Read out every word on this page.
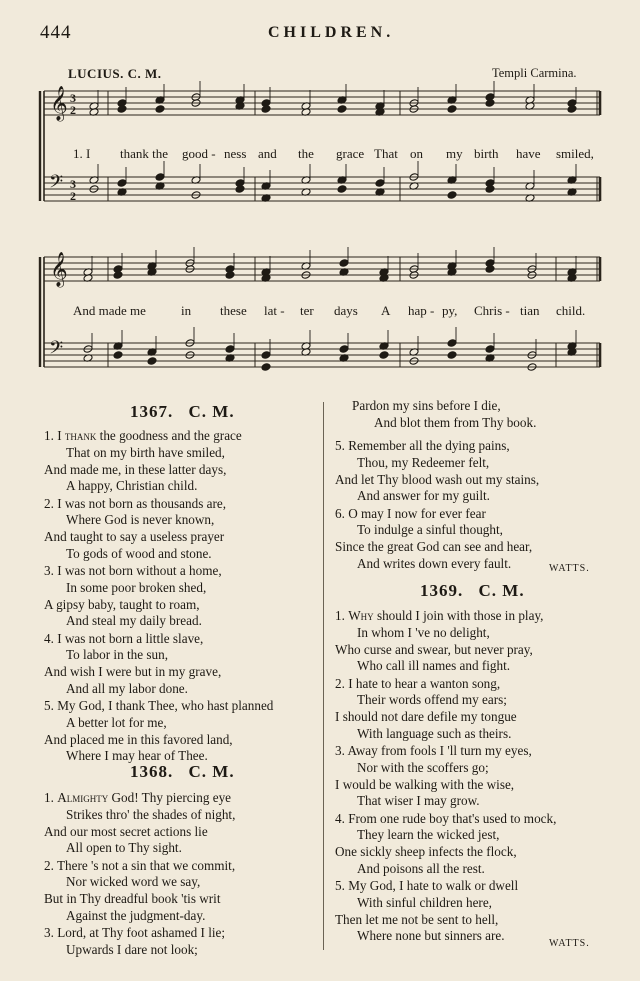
444	CHILDREN.
LUCIUS. C. M.	Templi Carmina.
𝄞 3
2
𝄢 3
2
𝄞
𝄢
1. I thank the good - ness and the grace That on my birth have smiled,
And made me	in these lat - ter days A hap - py, Chris - tian child.
1367. C. M.
1. I thank the goodness and the grace
That on my birth have smiled,
And made me, in these latter days,
A happy, Christian child.
2. I was not born as thousands are,
Where God is never known,
And taught to say a useless prayer
To gods of wood and stone.
3. I was not born without a home,
In some poor broken shed,
A gipsy baby, taught to roam,
And steal my daily bread.
4. I was not born a little slave,
To labor in the sun,
And wish I were but in my grave,
And all my labor done.
5. My God, I thank Thee, who hast planned
A better lot for me,
And placed me in this favored land,
Where I may hear of Thee.
1368. C. M.
1. Almighty God! Thy piercing eye
Strikes thro' the shades of night,
And our most secret actions lie
All open to Thy sight.
2. There 's not a sin that we commit,
Nor wicked word we say,
But in Thy dreadful book 'tis writ
Against the judgment-day.
3. Lord, at Thy foot ashamed I lie;
Upwards I dare not look;
Pardon my sins before I die,
And blot them from Thy book.
5. Remember all the dying pains,
Thou, my Redeemer felt,
And let Thy blood wash out my stains,
And answer for my guilt.
6. O may I now for ever fear
To indulge a sinful thought,
Since the great God can see and hear,
And writes down every fault.	WATTS.
1369. C. M.
1. Why should I join with those in play,
In whom I 've no delight,
Who curse and swear, but never pray,
Who call ill names and fight.
2. I hate to hear a wanton song,
Their words offend my ears;
I should not dare defile my tongue
With language such as theirs.
3. Away from fools I 'll turn my eyes,
Nor with the scoffers go;
I would be walking with the wise,
That wiser I may grow.
4. From one rude boy that's used to mock,
They learn the wicked jest,
One sickly sheep infects the flock,
And poisons all the rest.
5. My God, I hate to walk or dwell
With sinful children here,
Then let me not be sent to hell,
Where none but sinners are.
WATTS.
